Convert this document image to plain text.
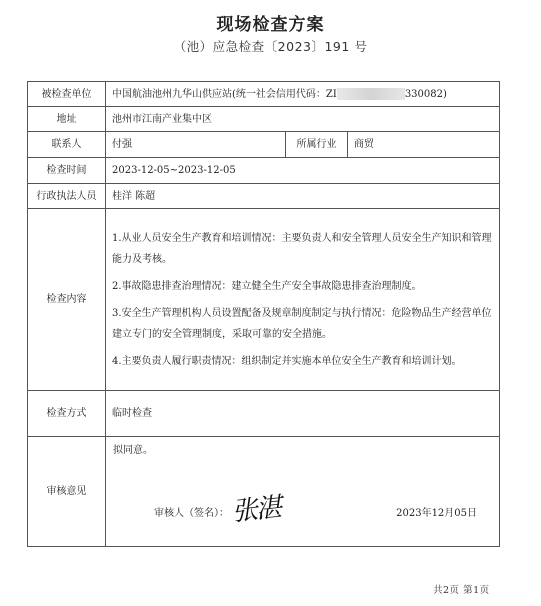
现场检查方案
（池）应急检查〔2023〕191 号
被检查单位	中国航油池州九华山供应站(统一社会信用代码：ZI 330082)		
地址	池州市江南产业集中区		
联系人	付强	所属行业	商贸
检查时间	2023-12-05~2023-12-05		
行政执法人员	桂洋 陈超		
检查内容	1.从业人员安全生产教育和培训情况：主要负责人和安全管理人员安全生产知识和管理能力及考核。

2.事故隐患排查治理情况：建立健全生产安全事故隐患排查治理制度。

3.安全生产管理机构人员设置配备及规章制度制定与执行情况：危险物品生产经营单位建立专门的安全管理制度，采取可靠的安全措施。

4.主要负责人履行职责情况：组织制定并实施本单位安全生产教育和培训计划。		

检查方式	临时检查		
审核意见	拟同意。
审核人（签名）： 张湛 2023年12月05日		
共2页 第1页
